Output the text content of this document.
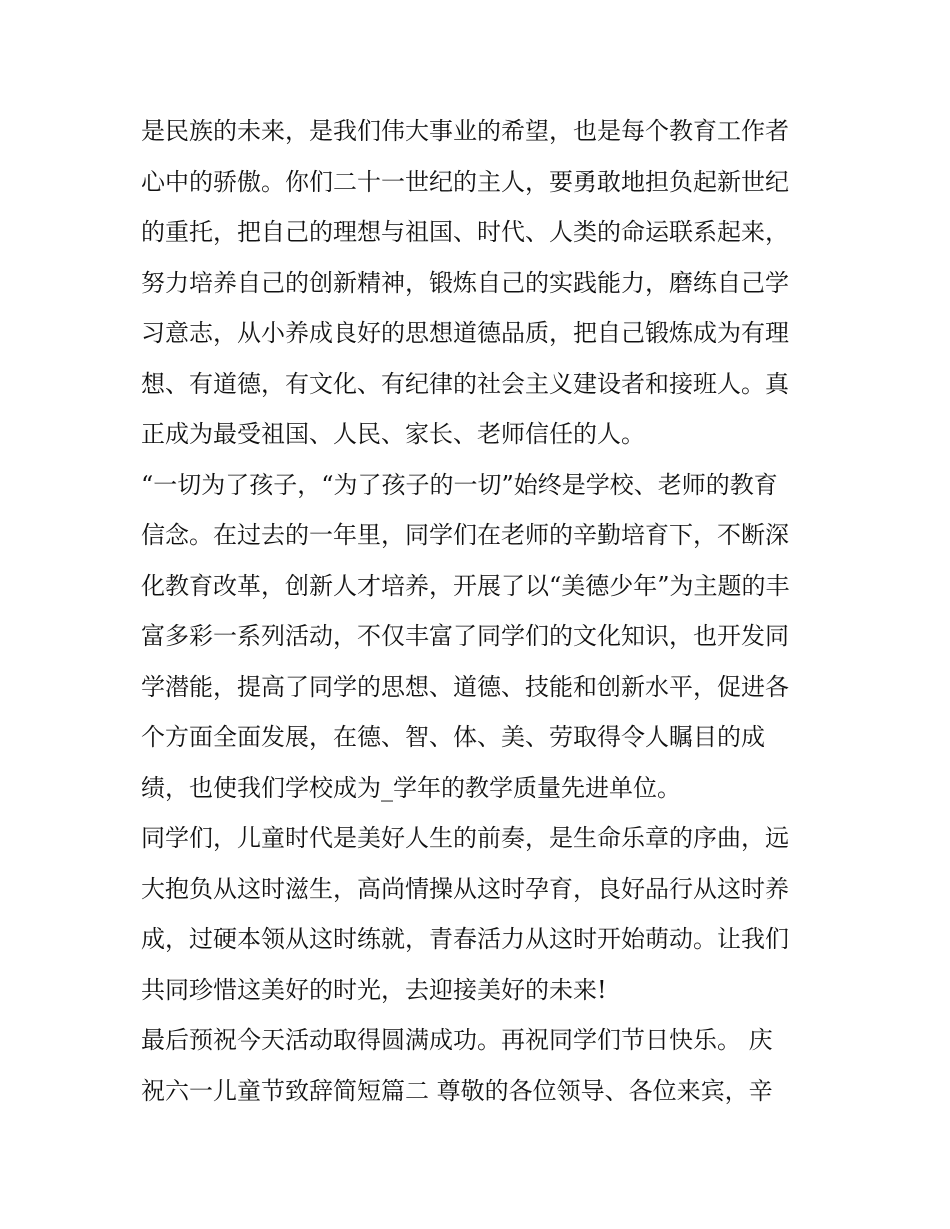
是民族的未来，是我们伟大事业的希望，也是每个教育工作者
心中的骄傲。你们二十一世纪的主人，要勇敢地担负起新世纪
的重托，把自己的理想与祖国、时代、人类的命运联系起来，
努力培养自己的创新精神，锻炼自己的实践能力，磨练自己学
习意志，从小养成良好的思想道德品质，把自己锻炼成为有理
想、有道德，有文化、有纪律的社会主义建设者和接班人。真
正成为最受祖国、人民、家长、老师信任的人。
“一切为了孩子，“为了孩子的一切”始终是学校、老师的教育
信念。在过去的一年里，同学们在老师的辛勤培育下，不断深
化教育改革，创新人才培养，开展了以“美德少年”为主题的丰
富多彩一系列活动，不仅丰富了同学们的文化知识，也开发同
学潜能，提高了同学的思想、道德、技能和创新水平，促进各
个方面全面发展，在德、智、体、美、劳取得令人瞩目的成
绩，也使我们学校成为_学年的教学质量先进单位。
同学们，儿童时代是美好人生的前奏，是生命乐章的序曲，远
大抱负从这时滋生，高尚情操从这时孕育，良好品行从这时养
成，过硬本领从这时练就，青春活力从这时开始萌动。让我们
共同珍惜这美好的时光，去迎接美好的未来!
最后预祝今天活动取得圆满成功。再祝同学们节日快乐。 庆
祝六一儿童节致辞简短篇二 尊敬的各位领导、各位来宾，辛
